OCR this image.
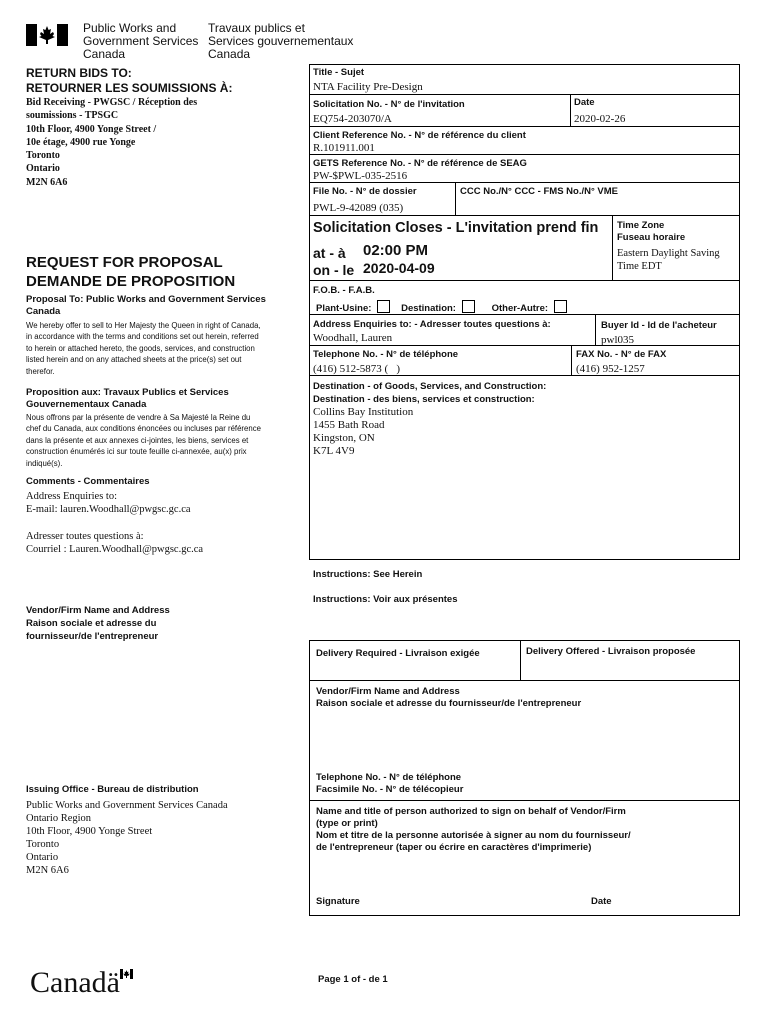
Public Works and
Government Services
Canada
Travaux publics et
Services gouvernementaux
Canada
RETURN BIDS TO:
RETOURNER LES SOUMISSIONS À:
Bid Receiving - PWGSC / Réception des
soumissions - TPSGC
10th Floor, 4900 Yonge Street /
10e étage, 4900 rue Yonge
Toronto
Ontario
M2N 6A6
REQUEST FOR PROPOSAL
DEMANDE DE PROPOSITION
Proposal To: Public Works and Government Services Canada
We hereby offer to sell to Her Majesty the Queen in right of Canada, in accordance with the terms and conditions set out herein, referred to herein or attached hereto, the goods, services, and construction listed herein and on any attached sheets at the price(s) set out therefor.
Proposition aux: Travaux Publics et Services Gouvernementaux Canada
Nous offrons par la présente de vendre à Sa Majesté la Reine du chef du Canada, aux conditions énoncées ou incluses par référence dans la présente et aux annexes ci-jointes, les biens, services et construction énumérés ici sur toute feuille ci-annexée, au(x) prix indiqué(s).
Comments - Commentaires
Address Enquiries to:
E-mail: lauren.Woodhall@pwgsc.gc.ca
Adresser toutes questions à:
Courriel : Lauren.Woodhall@pwgsc.gc.ca
Vendor/Firm Name and Address
Raison sociale et adresse du
fournisseur/de l'entrepreneur
Issuing Office - Bureau de distribution
Public Works and Government Services Canada
Ontario Region
10th Floor, 4900 Yonge Street
Toronto
Ontario
M2N 6A6
Title - Sujet
NTA Facility Pre-Design
Solicitation No. - N° de l'invitation
EQ754-203070/A
Date
2020-02-26
Client Reference No. - N° de référence du client
R.101911.001
GETS Reference No. - N° de référence de SEAG
PW-$PWL-035-2516
File No. - N° de dossier
PWL-9-42089 (035)
CCC No./N° CCC - FMS No./N° VME
Solicitation Closes - L'invitation prend fin
at - à 02:00 PM
on - le 2020-04-09
Time Zone
Fuseau horaire
Eastern Daylight Saving
Time EDT
F.O.B. - F.A.B.
Plant-Usine:	Destination:	Other-Autre:
Address Enquiries to: - Adresser toutes questions à:
Woodhall, Lauren
Buyer Id - Id de l'acheteur
pwl035
Telephone No. - N° de téléphone
(416) 512-5873 (   )
FAX No. - N° de FAX
(416) 952-1257
Destination - of Goods, Services, and Construction:
Destination - des biens, services et construction:
Collins Bay Institution
1455 Bath Road
Kingston, ON
K7L 4V9
Instructions: See Herein
Instructions: Voir aux présentes
Delivery Required - Livraison exigée	Delivery Offered - Livraison proposée
Vendor/Firm Name and Address
Raison sociale et adresse du fournisseur/de l'entrepreneur
Telephone No. - N° de téléphone
Facsimile No. - N° de télécopieur
Name and title of person authorized to sign on behalf of Vendor/Firm
(type or print)
Nom et titre de la personne autorisée à signer au nom du fournisseur/
de l'entrepreneur (taper ou écrire en caractères d'imprimerie)
Signature	Date
Canadä	Page 1 of - de 1
